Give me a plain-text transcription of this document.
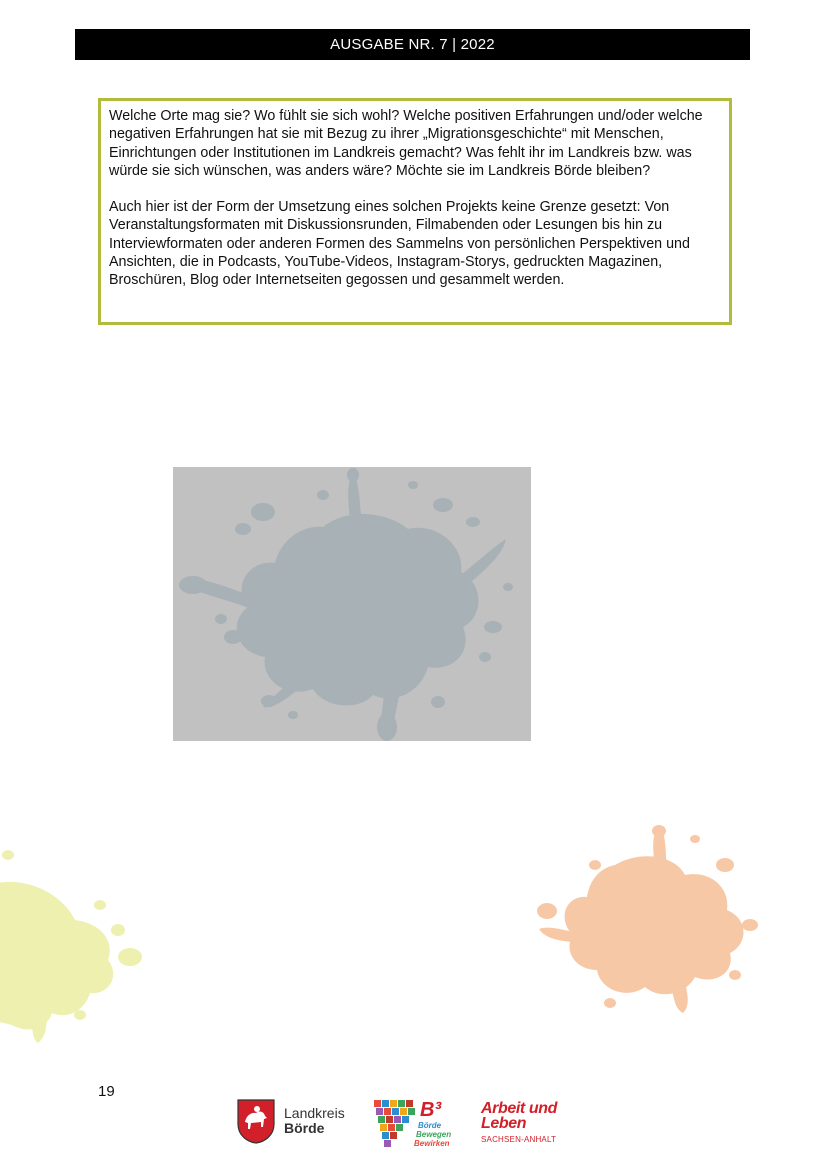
AUSGABE NR. 7 | 2022

Welche Orte mag sie? Wo fühlt sie sich wohl? Welche positiven Erfahrungen und/oder welche negativen Erfahrungen hat sie mit Bezug zu ihrer „Migrationsgeschichte“ mit Menschen, Einrichtungen oder Institutionen im Landkreis gemacht? Was fehlt ihr im Landkreis bzw. was würde sie sich wünschen, was anders wäre? Möchte sie im Landkreis Börde bleiben?

Auch hier ist der Form der Umsetzung eines solchen Projekts keine Grenze gesetzt: Von Veranstaltungsformaten mit Diskussionsrunden, Filmabenden oder Lesungen bis hin zu Interviewformaten oder anderen Formen des Sammelns von persönlichen Perspektiven und Ansichten, die in Podcasts, YouTube-Videos, Instagram-Storys, gedruckten Magazinen, Broschüren, Blog oder Internetseiten gegossen und gesammelt werden.

19
Landkreis
Börde
B³
Börde
Bewegen
Bewirken
Arbeit und
Leben
SACHSEN-ANHALT
